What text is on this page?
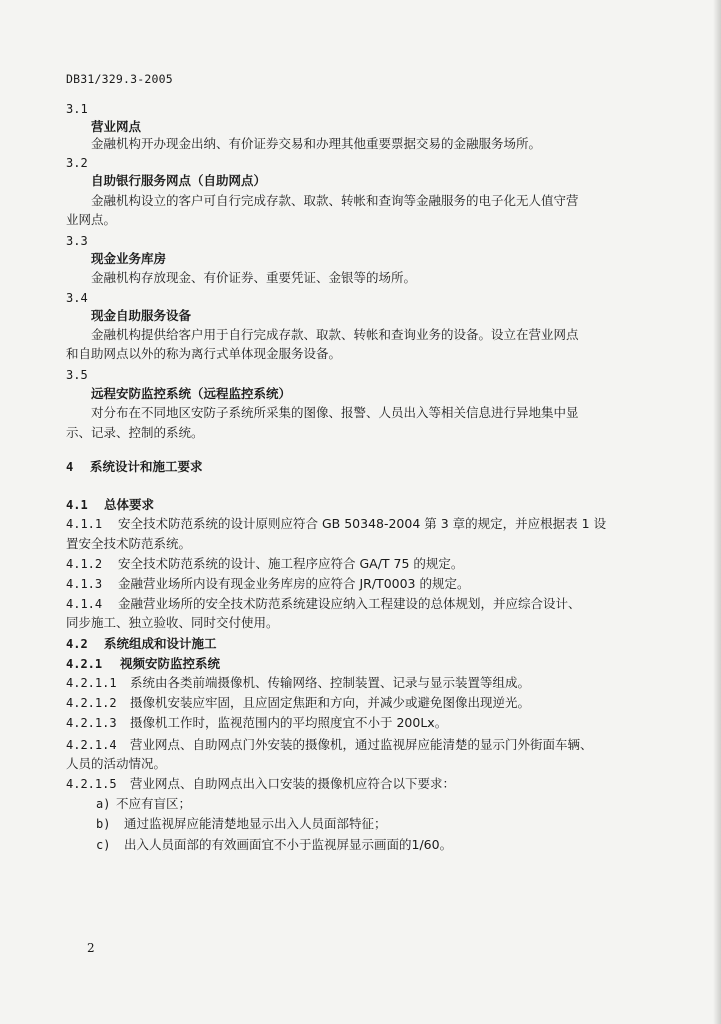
DB31/329.3-2005
3.1
营业网点
金融机构开办现金出纳、有价证券交易和办理其他重要票据交易的金融服务场所。
3.2
自助银行服务网点（自助网点）
金融机构设立的客户可自行完成存款、取款、转帐和查询等金融服务的电子化无人值守营
业网点。
3.3
现金业务库房
金融机构存放现金、有价证券、重要凭证、金银等的场所。
3.4
现金自助服务设备
金融机构提供给客户用于自行完成存款、取款、转帐和查询业务的设备。设立在营业网点
和自助网点以外的称为离行式单体现金服务设备。
3.5
远程安防监控系统（远程监控系统）
对分布在不同地区安防子系统所采集的图像、报警、人员出入等相关信息进行异地集中显
示、记录、控制的系统。
4 系统设计和施工要求
4.1 总体要求
4.1.1 安全技术防范系统的设计原则应符合 GB 50348-2004 第 3 章的规定，并应根据表 1 设
置安全技术防范系统。
4.1.2 安全技术防范系统的设计、施工程序应符合 GA/T 75 的规定。
4.1.3 金融营业场所内设有现金业务库房的应符合 JR/T0003 的规定。
4.1.4 金融营业场所的安全技术防范系统建设应纳入工程建设的总体规划，并应综合设计、
同步施工、独立验收、同时交付使用。
4.2 系统组成和设计施工
4.2.1 视频安防监控系统
4.2.1.1 系统由各类前端摄像机、传输网络、控制装置、记录与显示装置等组成。
4.2.1.2 摄像机安装应牢固，且应固定焦距和方向，并减少或避免图像出现逆光。
4.2.1.3 摄像机工作时，监视范围内的平均照度宜不小于 200Lx。
4.2.1.4 营业网点、自助网点门外安装的摄像机，通过监视屏应能清楚的显示门外街面车辆、
人员的活动情况。
4.2.1.5 营业网点、自助网点出入口安装的摄像机应符合以下要求：
a) 不应有盲区；
b) 通过监视屏应能清楚地显示出入人员面部特征；
c) 出入人员面部的有效画面宜不小于监视屏显示画面的1/60。
2
